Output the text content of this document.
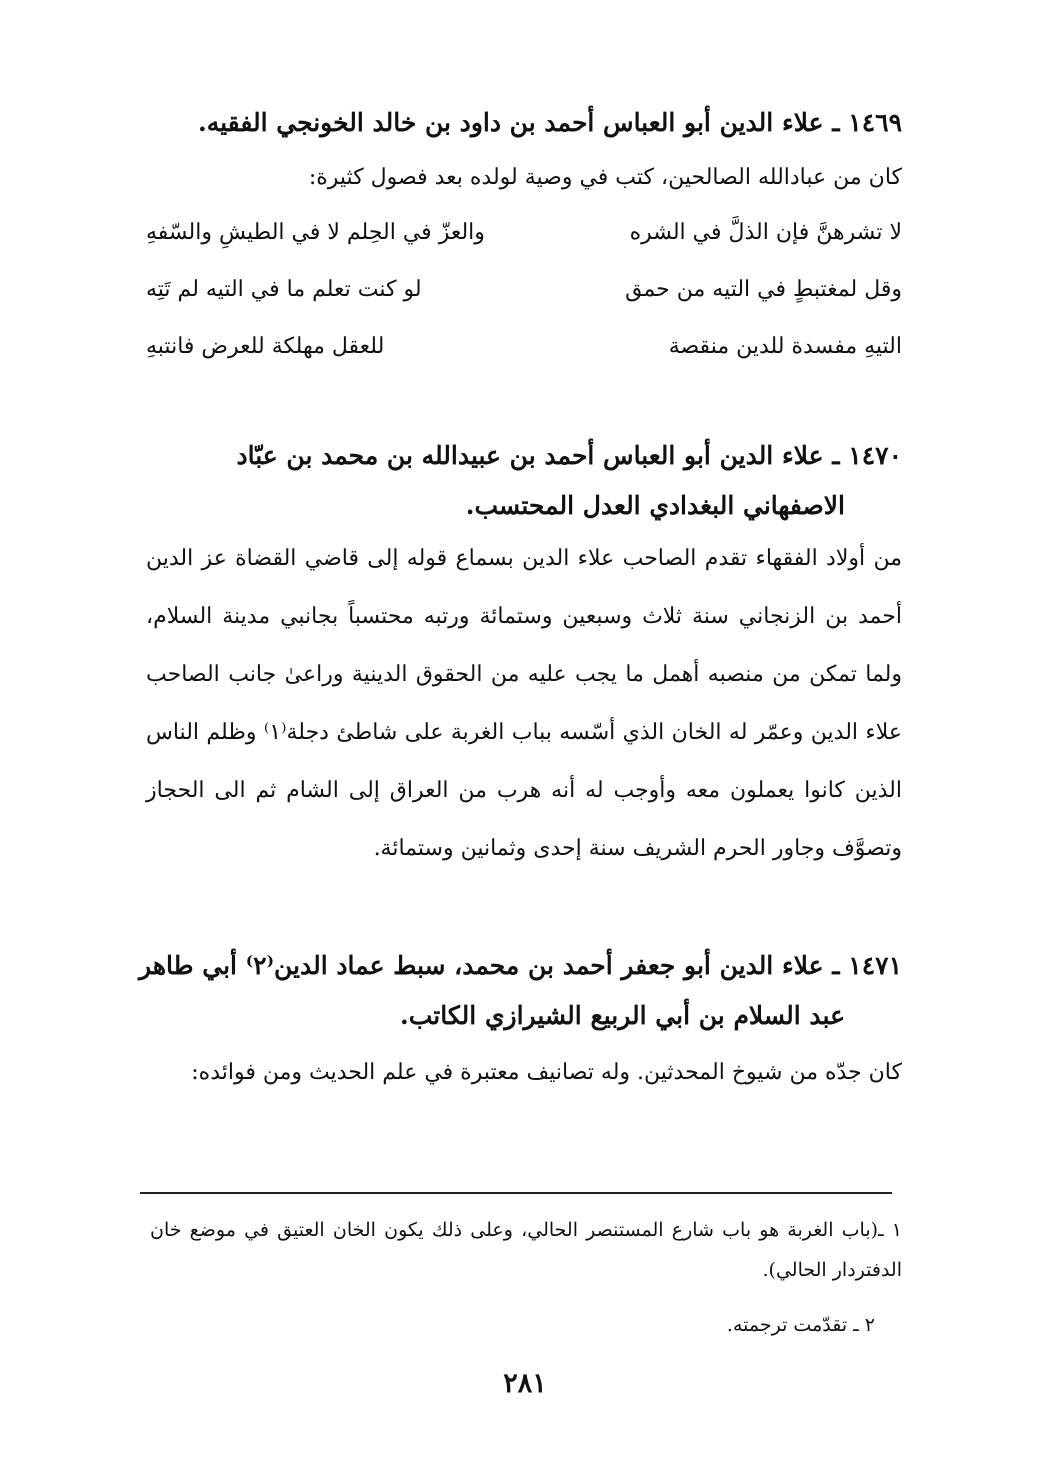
١٤٦٩ ـ علاء الدين أبو العباس أحمد بن داود بن خالد الخونجي الفقيه.
كان من عبادالله الصالحين، كتب في وصية لولده بعد فصول كثيرة:
لا تشرهنَّ فإن الذلَّ في الشره
والعزّ في الحِلم لا في الطيشِ والسّفهِ
وقل لمغتبطٍ في التيه من حمق
لو كنت تعلم ما في التيه لم تَتِه
التيهِ مفسدة للدين منقصة
للعقل مهلكة للعرض فانتبهِ
١٤٧٠ ـ علاء الدين أبو العباس أحمد بن عبيدالله بن محمد بن عبّاد
الاصفهاني البغدادي العدل المحتسب.

من أولاد الفقهاء تقدم الصاحب علاء الدين بسماع قوله إلى قاضي القضاة عز الدين أحمد بن الزنجاني سنة ثلاث وسبعين وستمائة ورتبه محتسباً بجانبي مدينة السلام، ولما تمكن من منصبه أهمل ما يجب عليه من الحقوق الدينية وراعىٰ جانب الصاحب علاء الدين وعمّر له الخان الذي أسّسه بباب الغربة على شاطئ دجلة⁽١⁾ وظلم الناس الذين كانوا يعملون معه وأوجب له أنه هرب من العراق إلى الشام ثم الى الحجاز وتصوَّف وجاور الحرم الشريف سنة إحدى وثمانين وستمائة.

١٤٧١ ـ علاء الدين أبو جعفر أحمد بن محمد، سبط عماد الدين⁽٢⁾ أبي طاهر
عبد السلام بن أبي الربيع الشيرازي الكاتب.

كان جدّه من شيوخ المحدثين. وله تصانيف معتبرة في علم الحديث ومن فوائده:

١ ـ(باب الغربة هو باب شارع المستنصر الحالي، وعلى ذلك يكون الخان العتيق في موضع خان الدفتردار الحالي).

٢ ـ تقدّمت ترجمته.
٢٨١
